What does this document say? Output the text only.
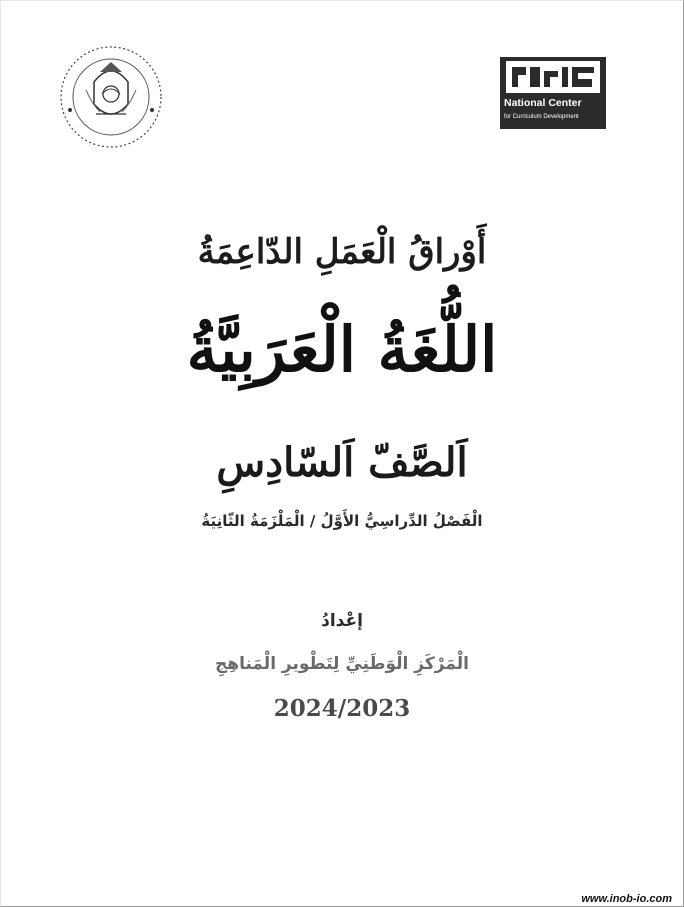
National Center
for Curriculum Development
أَوْراقُ الْعَمَلِ الدّاعِمَةُ
اللُّغَةُ الْعَرَبِيَّةُ
اَلصَّفّ اَلسّادِسِ
الْفَصْلُ الدِّراسِيُّ الأَوَّلُ / الْمَلْزَمَةُ الثّانِيَةُ
إعْدادُ
الْمَرْكَزِ الْوَطَنِيِّ لِتَطْويرِ الْمَناهِجِ
2024/2023
www.inob-io.com
